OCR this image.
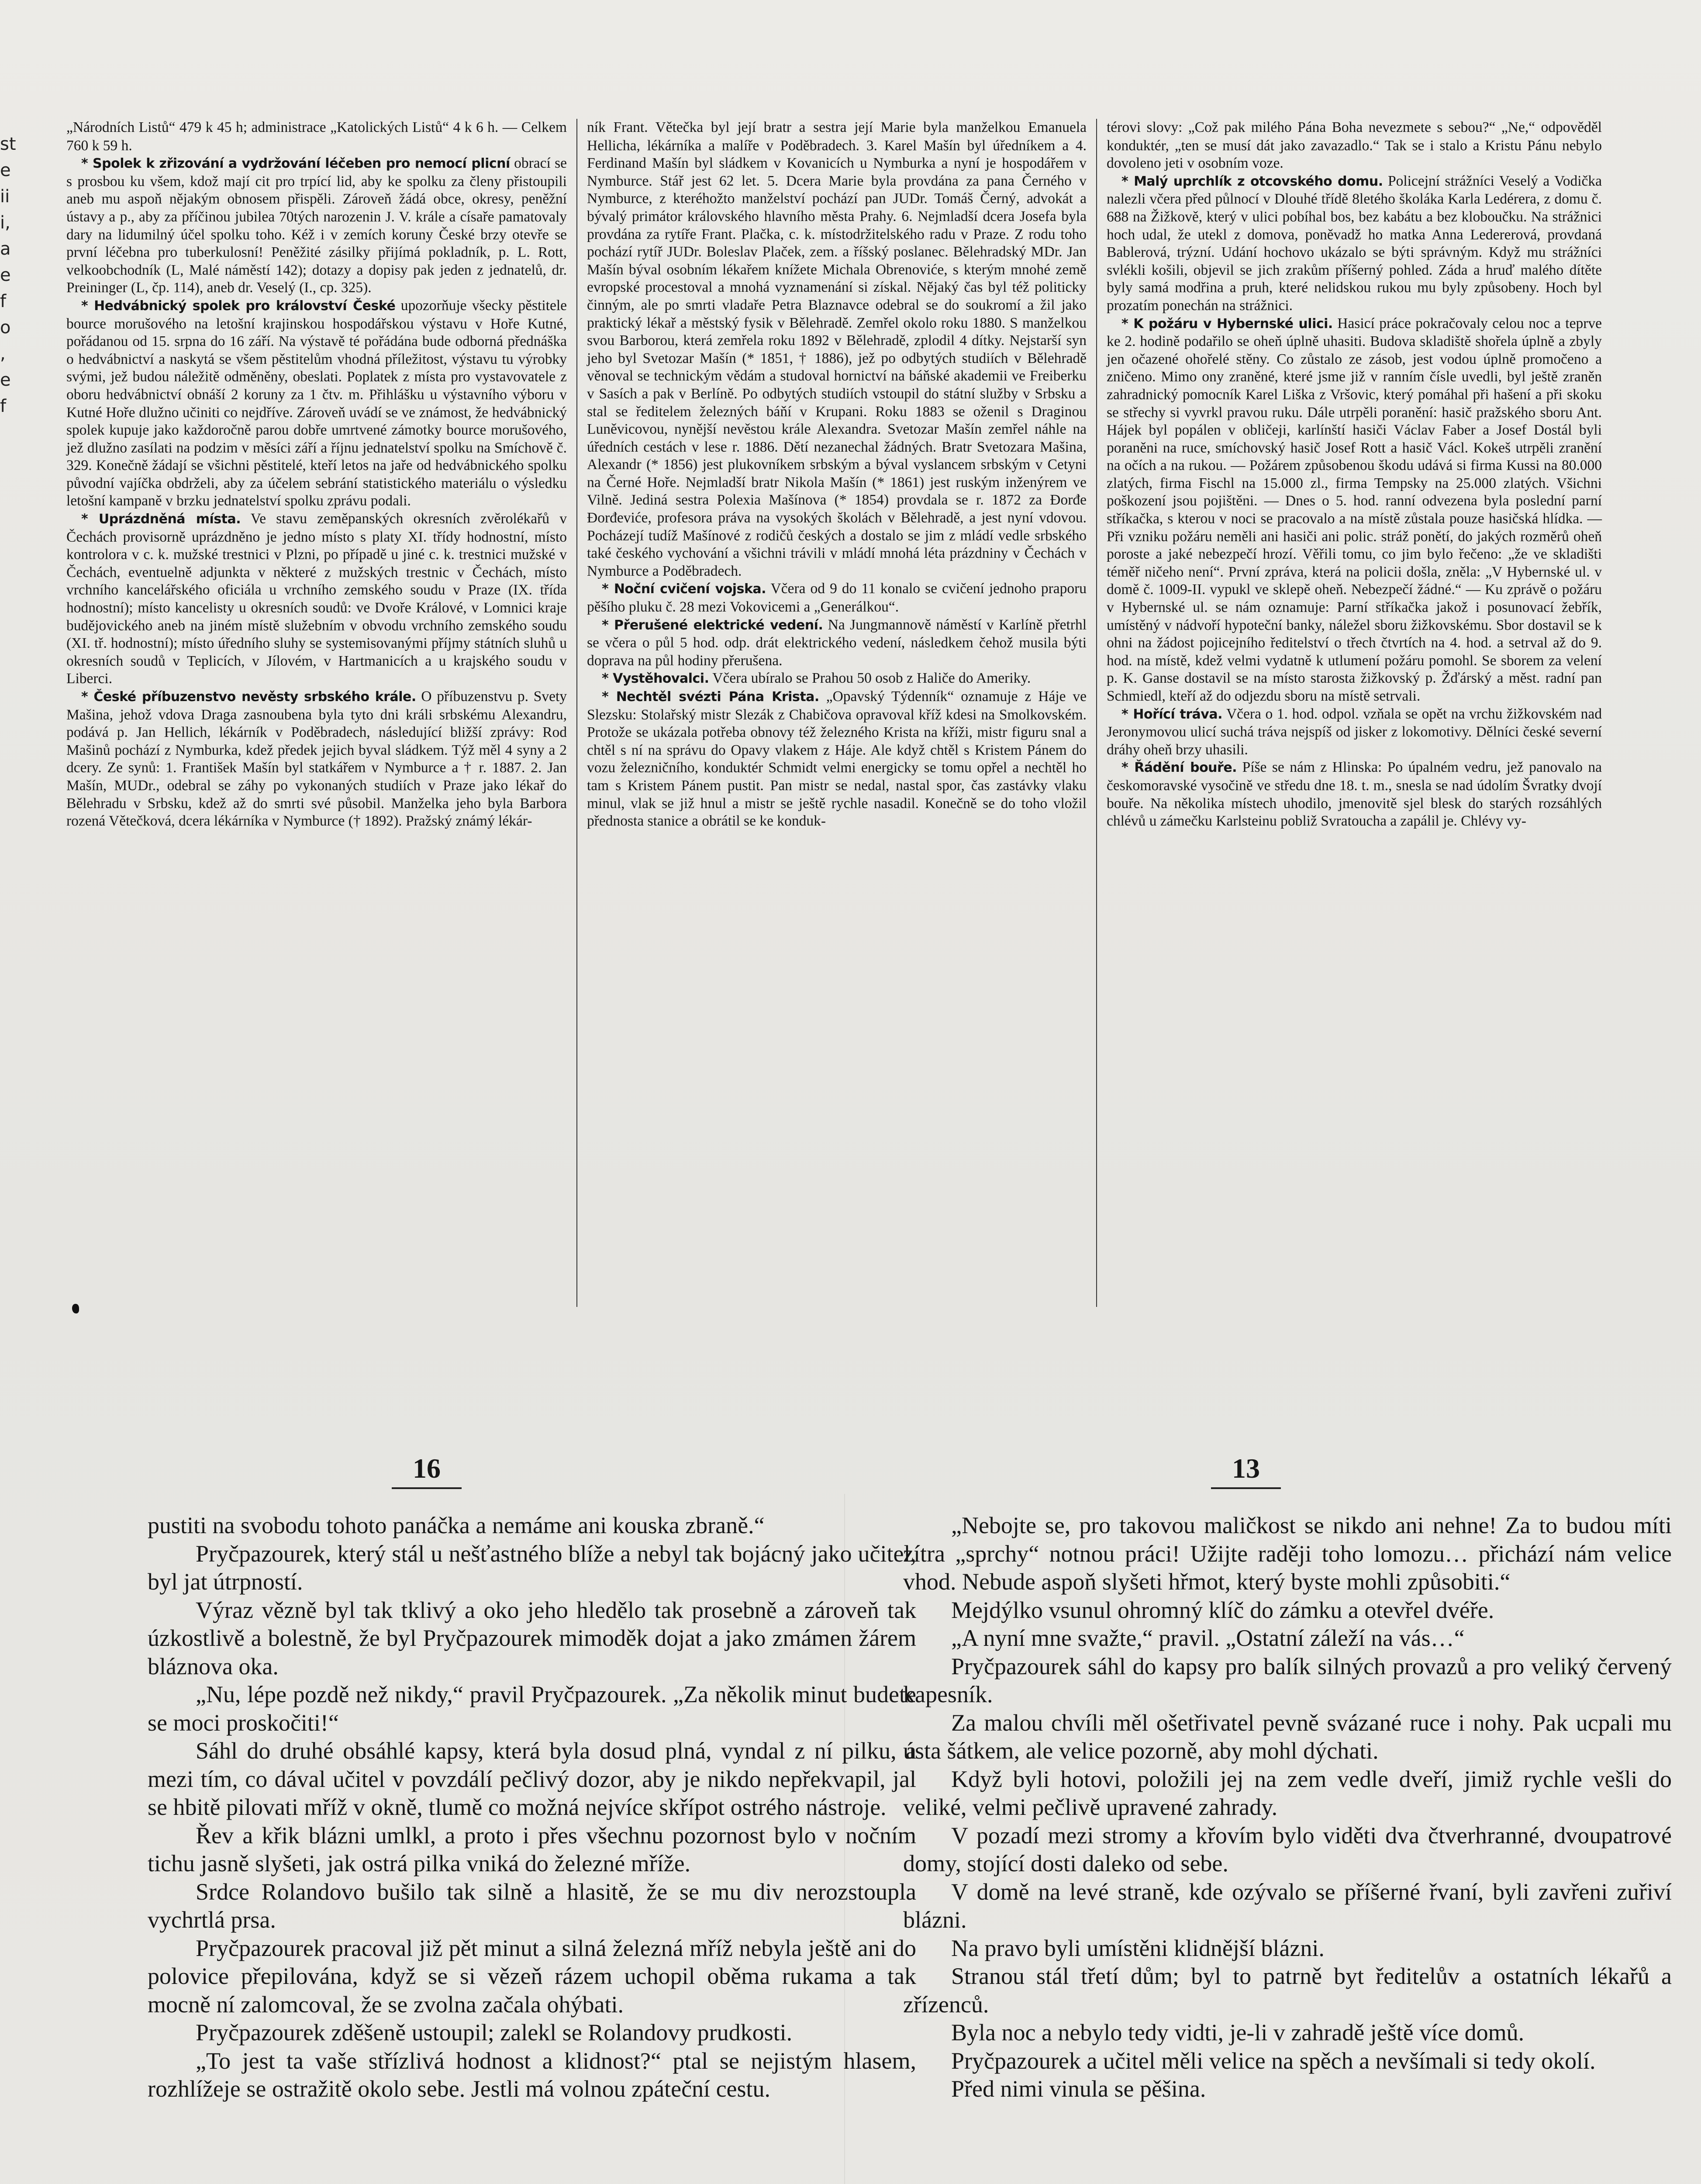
st
e
ii
i,
a
e
f
o
,
e
f

„Národních Listů“ 479 k 45 h; administrace „Katolických Listů“ 4 k 6 h. — Celkem 760 k 59 h.

* Spolek k zřizování a vydržování léčeben pro nemocí plicní obrací se s prosbou ku všem, kdož mají cit pro trpící lid, aby ke spolku za členy přistoupili aneb mu aspoň nějakým obnosem přispěli. Zároveň žádá obce, okresy, peněžní ústavy a p., aby za příčinou jubilea 70tých narozenin J. V. krále a císaře pamatovaly dary na lidumilný účel spolku toho. Kéž i v zemích koruny České brzy otevře se první léčebna pro tuberkulosní! Peněžité zásilky přijímá pokladník, p. L. Rott, velkoobchodník (L, Malé náměstí 142); dotazy a dopisy pak jeden z jednatelů, dr. Preininger (L, čp. 114), aneb dr. Veselý (I., cp. 325).

* Hedvábnický spolek pro království České upozorňuje všecky pěstitele bource morušového na letošní krajinskou hospodářskou výstavu v Hoře Kutné, pořádanou od 15. srpna do 16 září. Na výstavě té pořádána bude odborná přednáška o hedvábnictví a naskytá se všem pěstitelům vhodná příležitost, výstavu tu výrobky svými, jež budou náležitě odměněny, obeslati. Poplatek z místa pro vystavovatele z oboru hedvábnictví obnáší 2 koruny za 1 čtv. m. Přihlášku u výstavního výboru v Kutné Hoře dlužno učiniti co nejdříve. Zároveň uvádí se ve známost, že hedvábnický spolek kupuje jako každoročně parou dobře umrtvené zámotky bource morušového, jež dlužno zasílati na podzim v měsíci září a říjnu jednatelství spolku na Smíchově č. 329. Konečně žádají se všichni pěstitelé, kteří letos na jaře od hedvábnického spolku původní vajíčka obdrželi, aby za účelem sebrání statistického materiálu o výsledku letošní kampaně v brzku jednatelství spolku zprávu podali.

* Uprázdněná místa. Ve stavu zeměpanských okresních zvěrolékařů v Čechách provisorně uprázdněno je jedno místo s platy XI. třídy hodnostní, místo kontrolora v c. k. mužské trestnici v Plzni, po případě u jiné c. k. trestnici mužské v Čechách, eventuelně adjunkta v některé z mužských trestnic v Čechách, místo vrchního kancelářského oficiála u vrchního zemského soudu v Praze (IX. třída hodnostní); místo kancelisty u okresních soudů: ve Dvoře Králové, v Lomnici kraje budějovického aneb na jiném místě služebním v obvodu vrchního zemského soudu (XI. tř. hodnostní); místo úředního sluhy se systemisovanými příjmy státních sluhů u okresních soudů v Teplicích, v Jílovém, v Hartmanicích a u krajského soudu v Liberci.

* České příbuzenstvo nevěsty srbského krále. O příbuzenstvu p. Svety Mašina, jehož vdova Draga zasnoubena byla tyto dni králi srbskému Alexandru, podává p. Jan Hellich, lékárník v Poděbradech, následující bližší zprávy: Rod Mašinů pochází z Nymburka, kdež předek jejich byval sládkem. Týž měl 4 syny a 2 dcery. Ze synů: 1. František Mašín byl statkářem v Nymburce a † r. 1887. 2. Jan Mašín, MUDr., odebral se záhy po vykonaných studiích v Praze jako lékař do Bělehradu v Srbsku, kdež až do smrti své působil. Manželka jeho byla Barbora rozená Větečková, dcera lékárníka v Nymburce († 1892). Pražský známý lékár-

ník Frant. Větečka byl její bratr a sestra její Marie byla manželkou Emanuela Hellicha, lékárníka a malíře v Poděbradech. 3. Karel Mašín byl úředníkem a 4. Ferdinand Mašín byl sládkem v Kovanicích u Nymburka a nyní je hospodářem v Nymburce. Stář jest 62 let. 5. Dcera Marie byla provdána za pana Černého v Nymburce, z kteréhožto manželství pochází pan JUDr. Tomáš Černý, advokát a bývalý primátor královského hlavního města Prahy. 6. Nejmladší dcera Josefa byla provdána za rytíře Frant. Plačka, c. k. místodržitelského radu v Praze. Z rodu toho pochází rytíř JUDr. Boleslav Plaček, zem. a říšský poslanec. Bělehradský MDr. Jan Mašín býval osobním lékařem knížete Michala Obrenoviće, s kterým mnohé země evropské procestoval a mnohá vyznamenání si získal. Nějaký čas byl též politicky činným, ale po smrti vladaře Petra Blaznavce odebral se do soukromí a žil jako praktický lékař a městský fysik v Bělehradě. Zemřel okolo roku 1880. S manželkou svou Barborou, která zemřela roku 1892 v Bělehradě, zplodil 4 dítky. Nejstarší syn jeho byl Svetozar Mašín (* 1851, † 1886), jež po odbytých studiích v Bělehradě věnoval se technickým vědám a studoval hornictví na báňské akademii ve Freiberku v Sasích a pak v Berlíně. Po odbytých studiích vstoupil do státní služby v Srbsku a stal se ředitelem železných báňí v Krupani. Roku 1883 se oženil s Draginou Luněvicovou, nynější nevěstou krále Alexandra. Svetozar Mašín zemřel náhle na úředních cestách v lese r. 1886. Dětí nezanechal žádných. Bratr Svetozara Mašina, Alexandr (* 1856) jest plukovníkem srbským a býval vyslancem srbským v Cetyni na Černé Hoře. Nejmladší bratr Nikola Mašín (* 1861) jest ruským inženýrem ve Vilně. Jediná sestra Polexia Mašínova (* 1854) provdala se r. 1872 za Đorđe Đorđeviće, profesora práva na vysokých školách v Bělehradě, a jest nyní vdovou. Pocházejí tudíž Mašínové z rodičů českých a dostalo se jim z mládí vedle srbského také českého vychování a všichni trávili v mládí mnohá léta prázdniny v Čechách v Nymburce a Poděbradech.

* Noční cvičení vojska. Včera od 9 do 11 konalo se cvičení jednoho praporu pěšího pluku č. 28 mezi Vokovicemi a „Generálkou“.

* Přerušené elektrické vedení. Na Jungmannově náměstí v Karlíně přetrhl se včera o půl 5 hod. odp. drát elektrického vedení, následkem čehož musila býti doprava na půl hodiny přerušena.

* Vystěhovalci. Včera ubíralo se Prahou 50 osob z Haliče do Ameriky.

* Nechtěl svézti Pána Krista. „Opavský Týdenník“ oznamuje z Háje ve Slezsku: Stolařský mistr Slezák z Chabičova opravoval kříž kdesi na Smolkovském. Protože se ukázala potřeba obnovy též železného Krista na kříži, mistr figuru snal a chtěl s ní na správu do Opavy vlakem z Háje. Ale když chtěl s Kristem Pánem do vozu železničního, konduktér Schmidt velmi energicky se tomu opřel a nechtěl ho tam s Kristem Pánem pustit. Pan mistr se nedal, nastal spor, čas zastávky vlaku minul, vlak se již hnul a mistr se ještě rychle nasadil. Konečně se do toho vložil přednosta stanice a obrátil se ke konduk-

térovi slovy: „Což pak milého Pána Boha nevezmete s sebou?“ „Ne,“ odpověděl konduktér, „ten se musí dát jako zavazadlo.“ Tak se i stalo a Kristu Pánu nebylo dovoleno jeti v osobním voze.

* Malý uprchlík z otcovského domu. Policejní strážníci Veselý a Vodička nalezli včera před půlnocí v Dlouhé třídě 8letého školáka Karla Ledérera, z domu č. 688 na Žižkově, který v ulici pobíhal bos, bez kabátu a bez kloboučku. Na strážnici hoch udal, že utekl z domova, poněvadž ho matka Anna Ledererová, provdaná Bablerová, trýzní. Udání hochovo ukázalo se býti správným. Když mu strážníci svlékli košili, objevil se jich zrakům příšerný pohled. Záda a hruď malého dítěte byly samá modřina a pruh, které nelidskou rukou mu byly způsobeny. Hoch byl prozatím ponechán na strážnici.

* K požáru v Hybernské ulici. Hasicí práce pokračovaly celou noc a teprve ke 2. hodině podařilo se oheň úplně uhasiti. Budova skladiště shořela úplně a zbyly jen očazené ohořelé stěny. Co zůstalo ze zásob, jest vodou úplně promočeno a zničeno. Mimo ony zraněné, které jsme již v ranním čísle uvedli, byl ještě zraněn zahradnický pomocník Karel Liška z Vršovic, který pomáhal při hašení a při skoku se střechy si vyvrkl pravou ruku. Dále utrpěli poranění: hasič pražského sboru Ant. Hájek byl popálen v obličeji, karlínští hasiči Václav Faber a Josef Dostál byli poraněni na ruce, smíchovský hasič Josef Rott a hasič Václ. Kokeš utrpěli zranění na očích a na rukou. — Požárem způsobenou škodu udává si firma Kussi na 80.000 zlatých, firma Fischl na 15.000 zl., firma Tempsky na 25.000 zlatých. Všichni poškození jsou pojištěni. — Dnes o 5. hod. ranní odvezena byla poslední parní stříkačka, s kterou v noci se pracovalo a na místě zůstala pouze hasičská hlídka. — Při vzniku požáru neměli ani hasiči ani polic. stráž ponětí, do jakých rozměrů oheň poroste a jaké nebezpečí hrozí. Věřili tomu, co jim bylo řečeno: „že ve skladišti téměř ničeho není“. První zpráva, která na policii došla, zněla: „V Hybernské ul. v domě č. 1009-II. vypukl ve sklepě oheň. Nebezpečí žádné.“ — Ku zprávě o požáru v Hybernské ul. se nám oznamuje: Parní stříkačka jakož i posunovací žebřík, umístěný v nádvoří hypoteční banky, náležel sboru žižkovskému. Sbor dostavil se k ohni na žádost pojicejního ředitelství o třech čtvrtích na 4. hod. a setrval až do 9. hod. na místě, kdež velmi vydatně k utlumení požáru pomohl. Se sborem za velení p. K. Ganse dostavil se na místo starosta žižkovský p. Žďárský a měst. radní pan Schmiedl, kteří až do odjezdu sboru na místě setrvali.

* Hořící tráva. Včera o 1. hod. odpol. vzňala se opět na vrchu žižkovském nad Jeronymovou ulicí suchá tráva nejspíš od jisker z lokomotivy. Dělníci české severní dráhy oheň brzy uhasili.

* Řádění bouře. Píše se nám z Hlinska: Po úpalném vedru, jež panovalo na českomoravské vysočině ve středu dne 18. t. m., snesla se nad údolím Švratky dvojí bouře. Na několika místech uhodilo, jmenovitě sjel blesk do starých rozsáhlých chlévů u zámečku Karlsteinu pobliž Svratoucha a zapálil je. Chlévy vy-

16	13

pustiti na svobodu tohoto panáčka a nemáme ani kouska zbraně.“

Pryčpazourek, který stál u nešťastného blíže a nebyl tak bojácný jako učitel, byl jat útrpností.

Výraz vězně byl tak tklivý a oko jeho hledělo tak prosebně a zároveň tak úzkostlivě a bolestně, že byl Pryčpazourek mimoděk dojat a jako zmámen žárem bláznova oka.

„Nu, lépe pozdě než nikdy,“ pravil Pryčpazourek. „Za několik minut budete se moci proskočiti!“

Sáhl do druhé obsáhlé kapsy, která byla dosud plná, vyndal z ní pilku, a mezi tím, co dával učitel v povzdálí pečlivý dozor, aby je nikdo nepřekvapil, jal se hbitě pilovati mříž v okně, tlumě co možná nejvíce skřípot ostrého nástroje.

Řev a křik blázni umlkl, a proto i přes všechnu pozornost bylo v nočním tichu jasně slyšeti, jak ostrá pilka vniká do železné mříže.

Srdce Rolandovo bušilo tak silně a hlasitě, že se mu div nerozstoupla vychrtlá prsa.

Pryčpazourek pracoval již pět minut a silná železná mříž nebyla ještě ani do polovice přepilována, když se si vězeň rázem uchopil oběma rukama a tak mocně ní zalomcoval, že se zvolna začala ohýbati.

Pryčpazourek zděšeně ustoupil; zalekl se Rolandovy prudkosti.

„To jest ta vaše střízlivá hodnost a klidnost?“ ptal se nejistým hlasem, rozhlížeje se ostražitě okolo sebe. Jestli má volnou zpáteční cestu.

„Nebojte se, pro takovou maličkost se nikdo ani nehne! Za to budou míti zítra „sprchy“ notnou práci! Užijte raději toho lomozu… přichází nám velice vhod. Nebude aspoň slyšeti hřmot, který byste mohli způsobiti.“

Mejdýlko vsunul ohromný klíč do zámku a otevřel dvéře.

„A nyní mne svažte,“ pravil. „Ostatní záleží na vás…“

Pryčpazourek sáhl do kapsy pro balík silných provazů a pro veliký červený kapesník.

Za malou chvíli měl ošetřivatel pevně svázané ruce i nohy. Pak ucpali mu ústa šátkem, ale velice pozorně, aby mohl dýchati.

Když byli hotovi, položili jej na zem vedle dveří, jimiž rychle vešli do veliké, velmi pečlivě upravené zahrady.

V pozadí mezi stromy a křovím bylo viděti dva čtverhranné, dvoupatrové domy, stojící dosti daleko od sebe.

V domě na levé straně, kde ozývalo se příšerné řvaní, byli zavřeni zuřiví blázni.

Na pravo byli umístěni klidnější blázni.

Stranou stál třetí dům; byl to patrně byt ředitelův a ostatních lékařů a zřízenců.

Byla noc a nebylo tedy vidti, je-li v zahradě ještě více domů.

Pryčpazourek a učitel měli velice na spěch a nevšímali si tedy okolí.

Před nimi vinula se pěšina.
